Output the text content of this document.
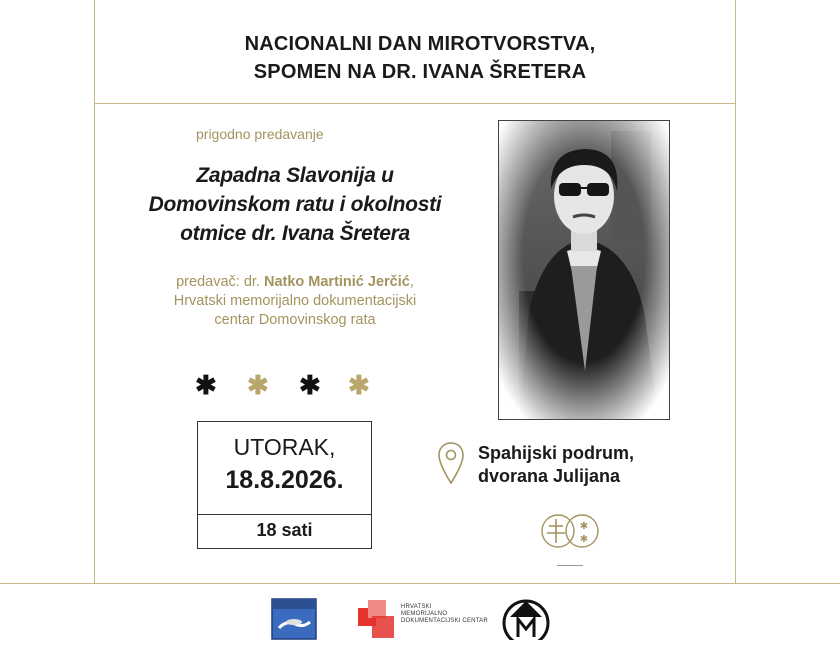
NACIONALNI DAN MIROTVORSTVA,
SPOMEN NA DR. IVANA ŠRETERA
prigodno predavanje
Zapadna Slavonija u
Domovinskom ratu i okolnosti
otmice dr. Ivana Šretera
predavač: dr. Natko Martinić Jerčić,
Hrvatski memorijalno dokumentacijski
centar Domovinskog rata
✱ ✱ ✱ ✱
UTORAK,
18.8.2026.
18 sati
Spahijski podrum,
dvorana Julijana
✱
✱
HRVATSKI
MEMORIJALNO
DOKUMENTACIJSKI CENTAR
